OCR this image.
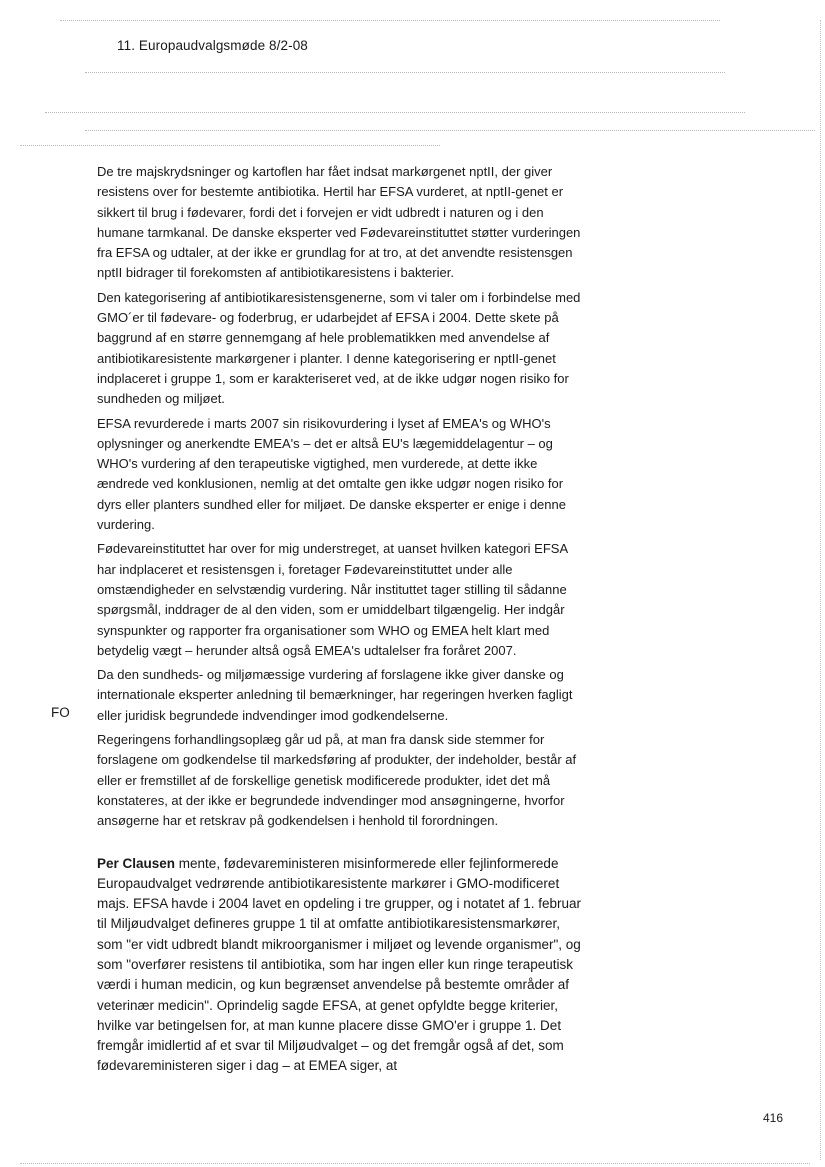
11. Europaudvalgsmøde 8/2-08
FO

De tre majskrydsninger og kartoflen har fået indsat markørgenet nptII, der giver resistens over for bestemte antibiotika. Hertil har EFSA vurderet, at nptII-genet er sikkert til brug i fødevarer, fordi det i forvejen er vidt udbredt i naturen og i den humane tarmkanal. De danske eksperter ved Fødevareinstituttet støtter vurderingen fra EFSA og udtaler, at der ikke er grundlag for at tro, at det anvendte resistensgen nptII bidrager til forekomsten af antibiotikaresistens i bakterier.

Den kategorisering af antibiotikaresistensgenerne, som vi taler om i forbindelse med GMO´er til fødevare- og foderbrug, er udarbejdet af EFSA i 2004. Dette skete på baggrund af en større gennemgang af hele problematikken med anvendelse af antibiotikaresistente markørgener i planter. I denne kategorisering er nptII-genet indplaceret i gruppe 1, som er karakteriseret ved, at de ikke udgør nogen risiko for sundheden og miljøet.

EFSA revurderede i marts 2007 sin risikovurdering i lyset af EMEA's og WHO's oplysninger og anerkendte EMEA's – det er altså EU's lægemiddelagentur – og WHO's vurdering af den terapeutiske vigtighed, men vurderede, at dette ikke ændrede ved konklusionen, nemlig at det omtalte gen ikke udgør nogen risiko for dyrs eller planters sundhed eller for miljøet. De danske eksperter er enige i denne vurdering.

Fødevareinstituttet har over for mig understreget, at uanset hvilken kategori EFSA har indplaceret et resistensgen i, foretager Fødevareinstituttet under alle omstændigheder en selvstændig vurdering. Når instituttet tager stilling til sådanne spørgsmål, inddrager de al den viden, som er umiddelbart tilgængelig. Her indgår synspunkter og rapporter fra organisationer som WHO og EMEA helt klart med betydelig vægt – herunder altså også EMEA's udtalelser fra foråret 2007.

Da den sundheds- og miljømæssige vurdering af forslagene ikke giver danske og internationale eksperter anledning til bemærkninger, har regeringen hverken fagligt eller juridisk begrundede indvendinger imod godkendelserne.

Regeringens forhandlingsoplæg går ud på, at man fra dansk side stemmer for forslagene om godkendelse til markedsføring af produkter, der indeholder, består af eller er fremstillet af de forskellige genetisk modificerede produkter, idet det må konstateres, at der ikke er begrundede indvendinger mod ansøgningerne, hvorfor ansøgerne har et retskrav på godkendelsen i henhold til forordningen.

Per Clausen mente, fødevareministeren misinformerede eller fejlinformerede Europaudvalget vedrørende antibiotikaresistente markører i GMO-modificeret majs. EFSA havde i 2004 lavet en opdeling i tre grupper, og i notatet af 1. februar til Miljøudvalget defineres gruppe 1 til at omfatte antibiotikaresistensmarkører, som "er vidt udbredt blandt mikroorganismer i miljøet og levende organismer", og som "overfører resistens til antibiotika, som har ingen eller kun ringe terapeutisk værdi i human medicin, og kun begrænset anvendelse på bestemte områder af veterinær medicin". Oprindelig sagde EFSA, at genet opfyldte begge kriterier, hvilke var betingelsen for, at man kunne placere disse GMO'er i gruppe 1. Det fremgår imidlertid af et svar til Miljøudvalget – og det fremgår også af det, som fødevareministeren siger i dag – at EMEA siger, at

416
